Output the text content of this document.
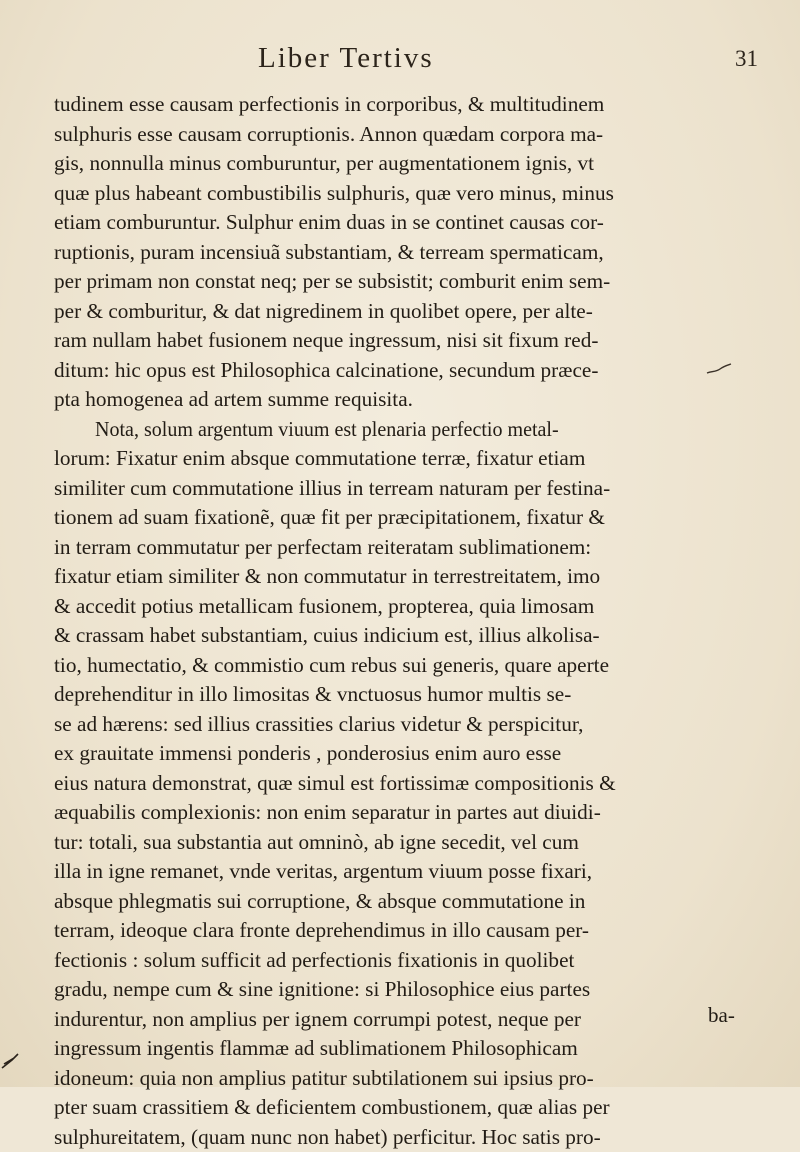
Liber Tertivs	31
tudinem esse causam perfectionis in corporibus, & multitudinem
sulphuris esse causam corruptionis. Annon quædam corpora ma-
gis, nonnulla minus comburuntur, per augmentationem ignis, vt
quæ plus habeant combustibilis sulphuris, quæ vero minus, minus
etiam comburuntur. Sulphur enim duas in se continet causas cor-
ruptionis, puram incensiuã substantiam, & terream spermaticam,
per primam non constat neq; per se subsistit; comburit enim sem-
per & comburitur, & dat nigredinem in quolibet opere, per alte-
ram nullam habet fusionem neque ingressum, nisi sit fixum red-
ditum: hic opus est Philosophica calcinatione, secundum præce-
pta homogenea ad artem summe requisita.
Nota, solum argentum viuum est plenaria perfectio metal-
lorum: Fixatur enim absque commutatione terræ, fixatur etiam
similiter cum commutatione illius in terream naturam per festina-
tionem ad suam fixationẽ, quæ fit per præcipitationem, fixatur &
in terram commutatur per perfectam reiteratam sublimationem:
fixatur etiam similiter & non commutatur in terrestreitatem, imo
& accedit potius metallicam fusionem, propterea, quia limosam
& crassam habet substantiam, cuius indicium est, illius alkolisa-
tio, humectatio, & commistio cum rebus sui generis, quare aperte
deprehenditur in illo limositas & vnctuosus humor multis se-
se ad hærens: sed illius crassities clarius videtur & perspicitur,
ex grauitate immensi ponderis , ponderosius enim auro esse
eius natura demonstrat, quæ simul est fortissimæ compositionis &
æquabilis complexionis: non enim separatur in partes aut diuidi-
tur: totali, sua substantia aut omninò, ab igne secedit, vel cum
illa in igne remanet, vnde veritas, argentum viuum posse fixari,
absque phlegmatis sui corruptione, & absque commutatione in
terram, ideoque clara fronte deprehendimus in illo causam per-
fectionis : solum sufficit ad perfectionis fixationis in quolibet
gradu, nempe cum & sine ignitione: si Philosophice eius partes
indurentur, non amplius per ignem corrumpi potest, neque per
ingressum ingentis flammæ ad sublimationem Philosophicam
idoneum: quia non amplius patitur subtilationem sui ipsius pro-
pter suam crassitiem & deficientem combustionem, quæ alias per
sulphureitatem, (quam nunc non habet) perficitur. Hoc satis pro-
ba-
